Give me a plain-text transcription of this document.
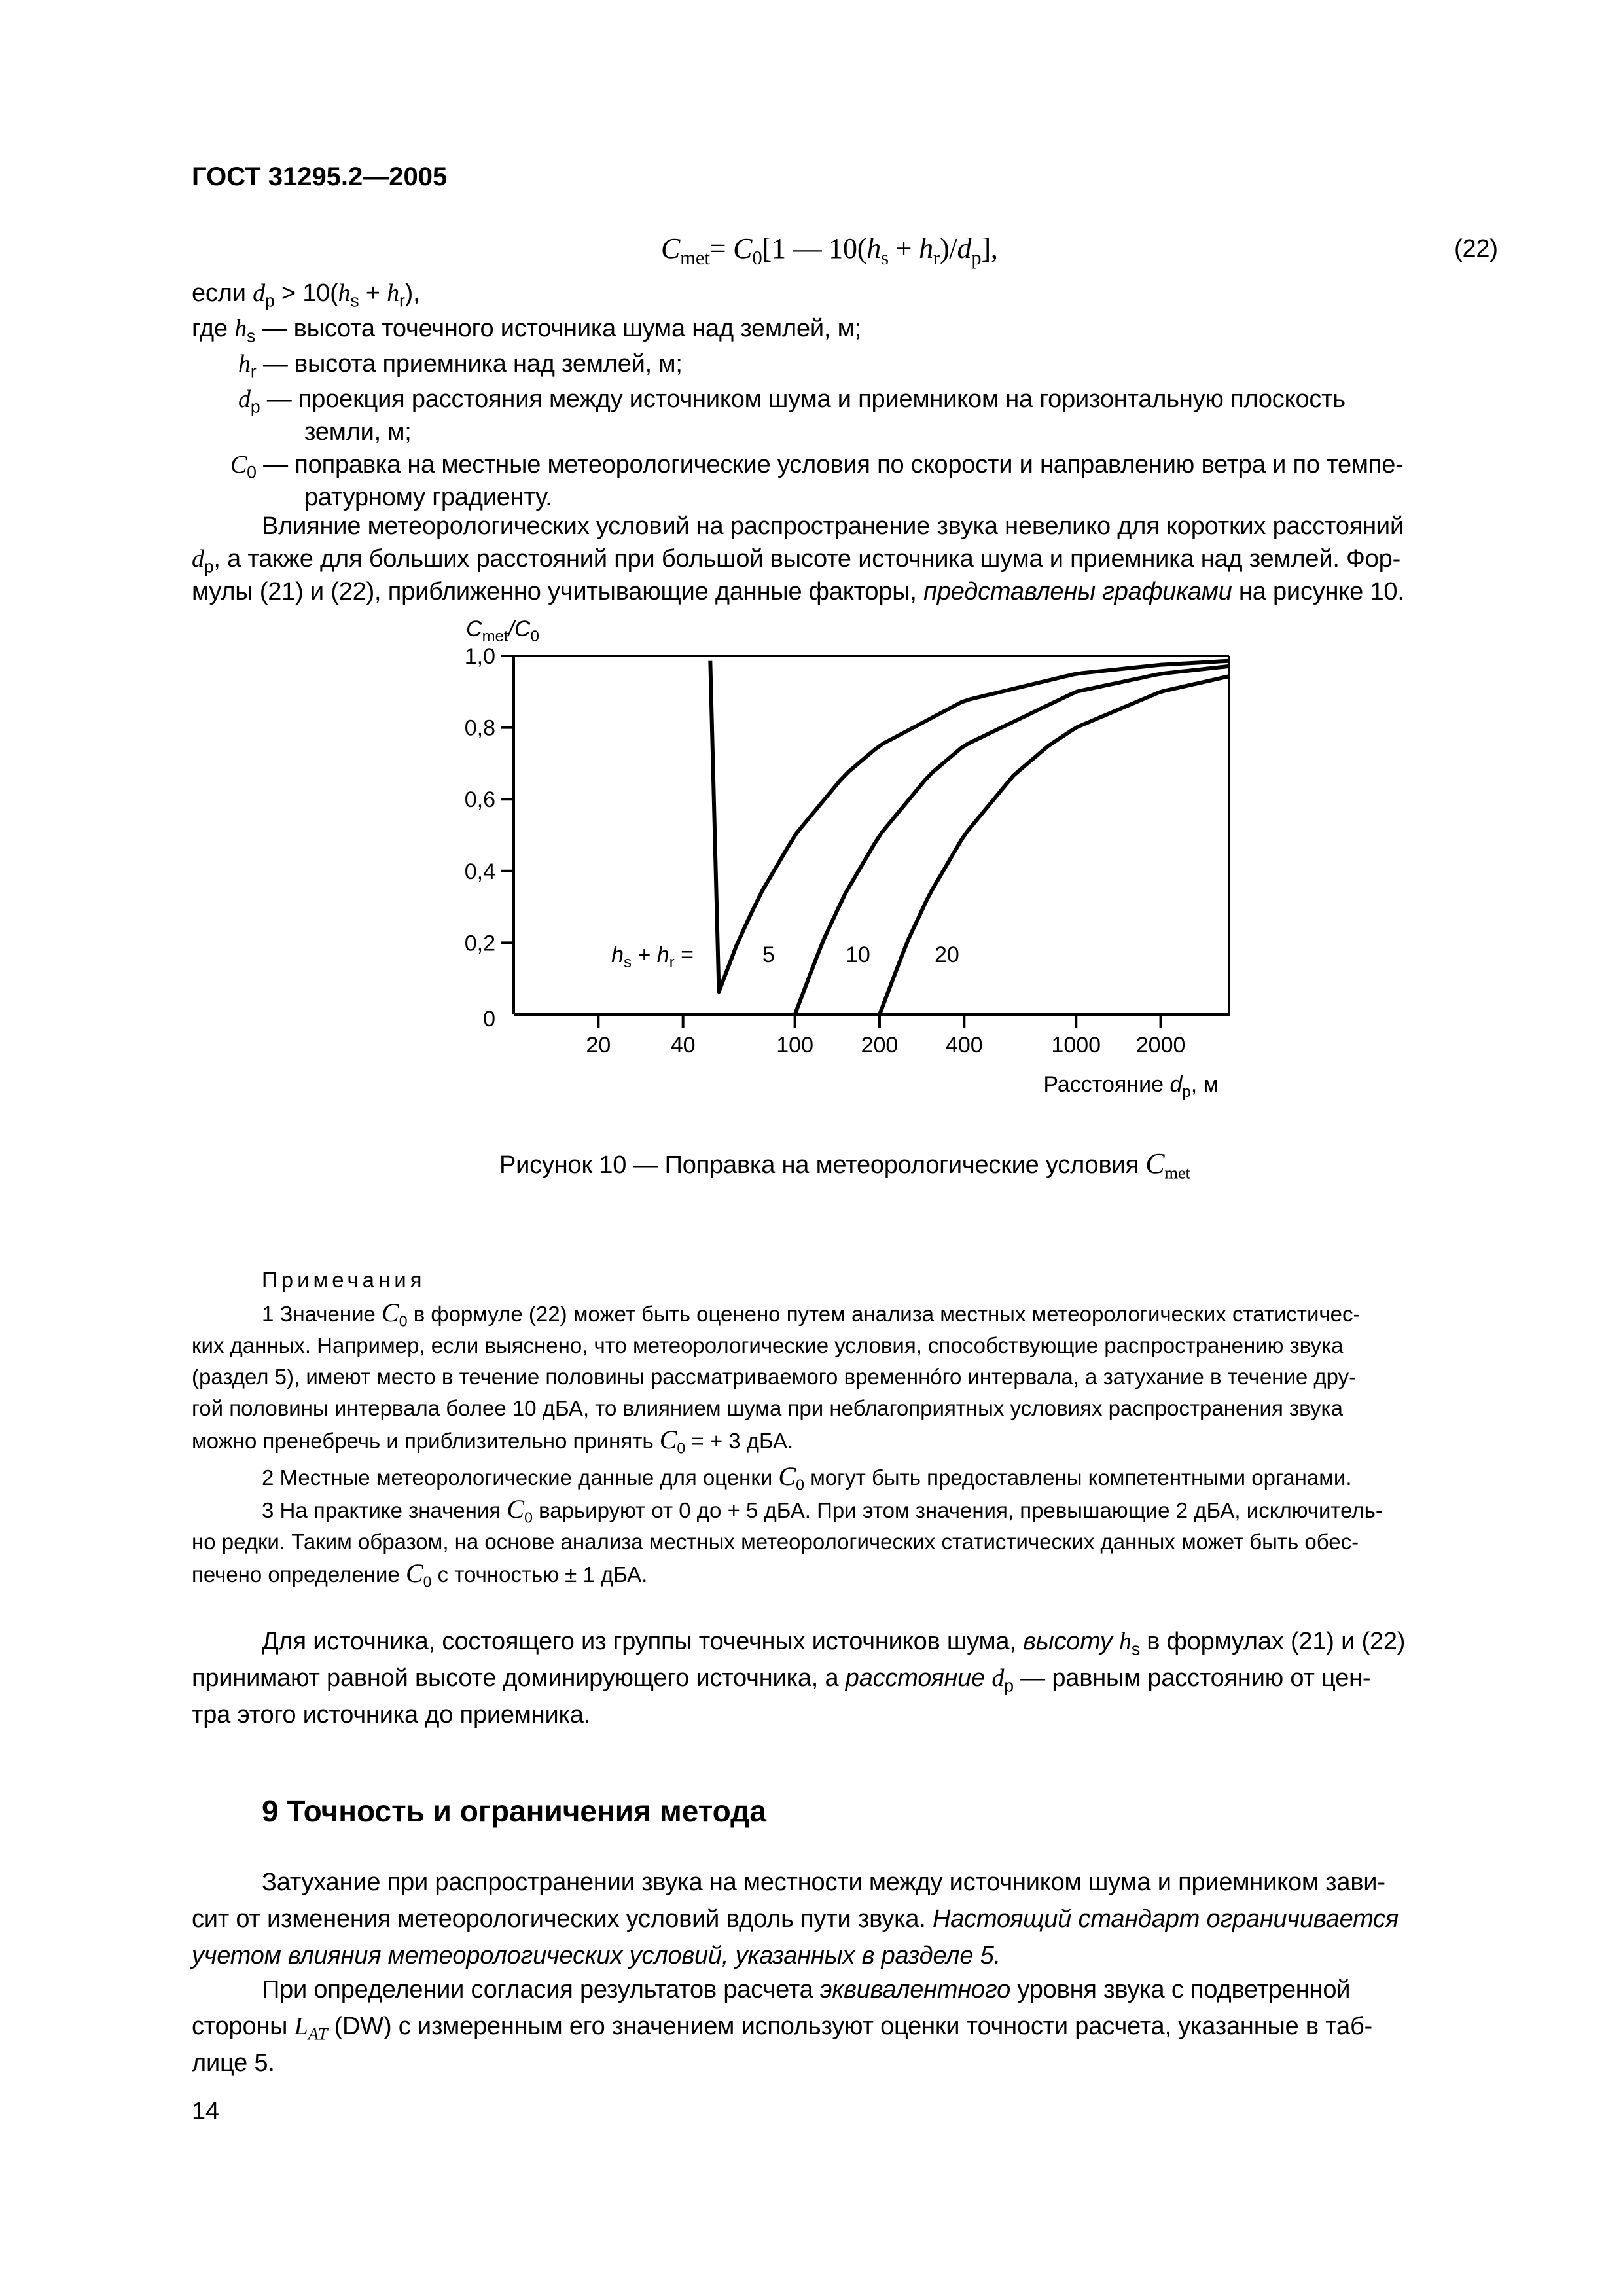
ГОСТ 31295.2—2005
$C_{met}= C_0[1$ — $10(h_s + h_r)/d_p$],	(22)
если $d_p > 10(h_s + h_r)$,
где $h_s$ — высота точечного источника шума над землей, м;
$h_r$ — высота приемника над землей, м;
$d_p$ — проекция расстояния между источником шума и приемником на горизонтальную плоскость
земли, м;
$C_0$ — поправка на местные метеорологические условия по скорости и направлению ветра и по темпе-
ратурному градиенту.
Влияние метеорологических условий на распространение звука невелико для коротких расстояний
$d_p$, а также для больших расстояний при большой высоте источника шума и приемника над землей. Фор-
мулы (21) и (22), приближенно учитывающие данные факторы, представлены графиками на рисунке 10.
0
0,2
0,4
0,6
0,8
1,0
20	40	100 200 400	1000 2000
$C_{met}/C_0$
Расстояние $d_p$, м
$h_s + h_r$ =	5	10	20
Рисунок 10 — Поправка на метеорологические условия $C_{met}$
Примечания
1 Значение $C_0$ в формуле (22) может быть оценено путем анализа местных метеорологических статистичес-
ких данных. Например, если выяснено, что метеорологические условия, способствующие распространению звука
(раздел 5), имеют место в течение половины рассматриваемого временнóго интервала, а затухание в течение дру-
гой половины интервала более 10 дБА, то влиянием шума при неблагоприятных условиях распространения звука
можно пренебречь и приблизительно принять $C_0$ = + 3 дБА.
2 Местные метеорологические данные для оценки $C_0$ могут быть предоставлены компетентными органами.
3 На практике значения $C_0$ варьируют от 0 до + 5 дБА. При этом значения, превышающие 2 дБА, исключитель-
но редки. Таким образом, на основе анализа местных метеорологических статистических данных может быть обес-
печено определение $C_0$ с точностью ± 1 дБА.
Для источника, состоящего из группы точечных источников шума, высоту $h_s$ в формулах (21) и (22)
принимают равной высоте доминирующего источника, а расстояние $d_p$ — равным расстоянию от цен-
тра этого источника до приемника.
9 Точность и ограничения метода
Затухание при распространении звука на местности между источником шума и приемником зави-
сит от изменения метеорологических условий вдоль пути звука. Настоящий стандарт ограничивается
учетом влияния метеорологических условий, указанных в разделе 5.
При определении согласия результатов расчета эквивалентного уровня звука с подветренной
стороны $L_{AT}$ (DW) с измеренным его значением используют оценки точности расчета, указанные в таб-
лице 5.
14
